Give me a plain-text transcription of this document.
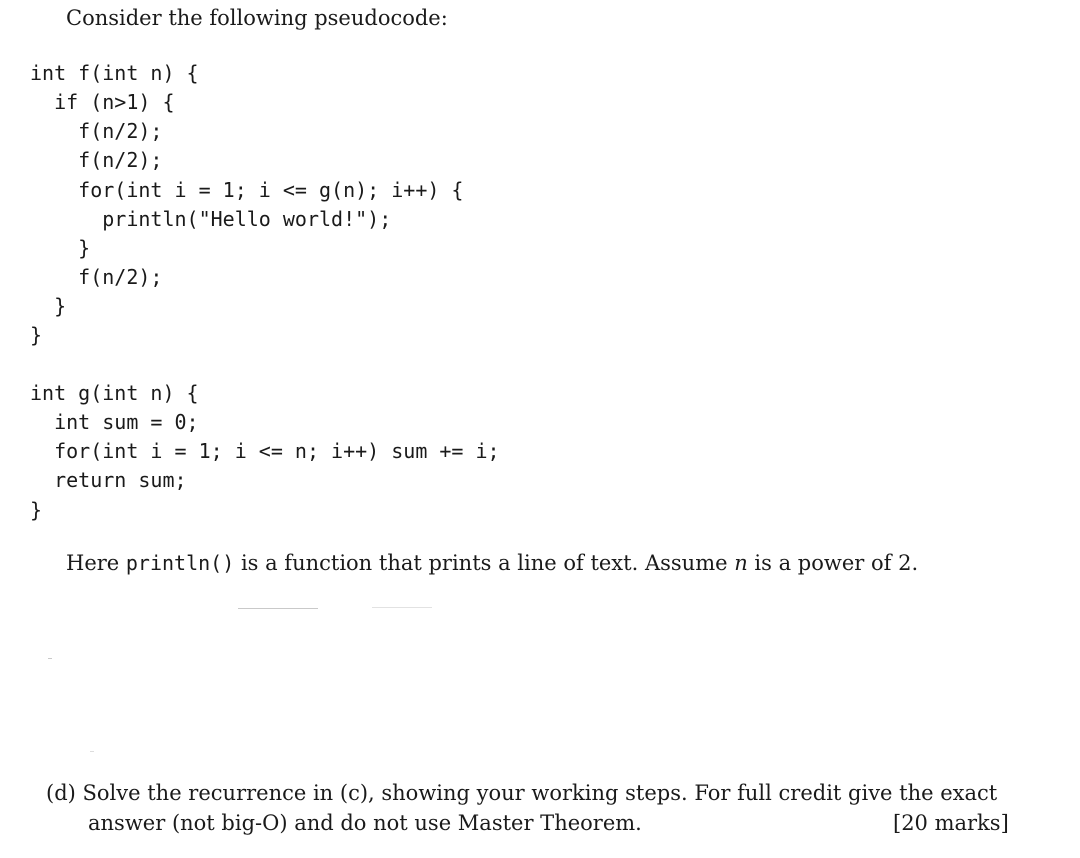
Consider the following pseudocode:
int f(int n) {
if (n>1) {
f(n/2);
f(n/2);
for(int i = 1; i <= g(n); i++) {
println("Hello world!");
}
f(n/2);
}
}
int g(int n) {
int sum = 0;
for(int i = 1; i <= n; i++) sum += i;
return sum;
}
Here println() is a function that prints a line of text. Assume n is a power of 2.
(d) Solve the recurrence in (c), showing your working steps. For full credit give the exact
answer (not big-O) and do not use Master Theorem.	[20 marks]
